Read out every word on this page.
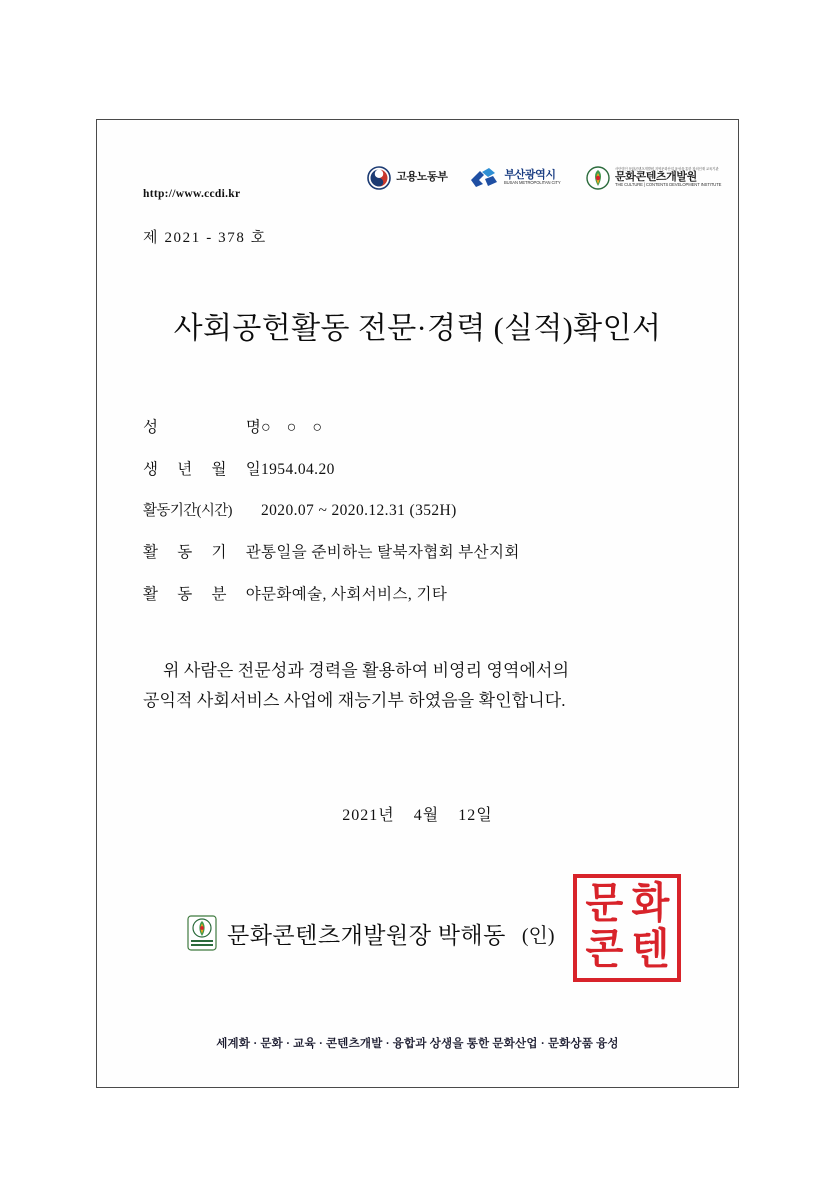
고용노동부	부산광역시
BUSAN METROPOLITAN CITY
사단법인 문화콘텐츠개발원 지역문화산업 융성을 통한 창의인재 교육기관
문화콘텐츠개발원
THE CULTURE | CONTENTS DEVELOPMENT INSTITUTE
http://www.ccdi.kr
제 2021 - 378 호
사회공헌활동 전문·경력 (실적)확인서
성	명 ○ ○ ○
생 년 월 일 1954.04.20
활동기간(시간)	2020.07 ~ 2020.12.31 (352H)
활 동 기 관 통일을 준비하는 탈북자협회 부산지회
활 동 분 야 문화예술, 사회서비스, 기타
위 사람은 전문성과 경력을 활용하여 비영리 영역에서의
공익적 사회서비스 사업에 재능기부 하였음을 확인합니다.
2021년 4월 12일
문화콘텐츠개발원장 박해동 (인)
문 화
콘 텐
세계화 · 문화 · 교육 · 콘텐츠개발 · 융합과 상생을 통한 문화산업 · 문화상품 융성
